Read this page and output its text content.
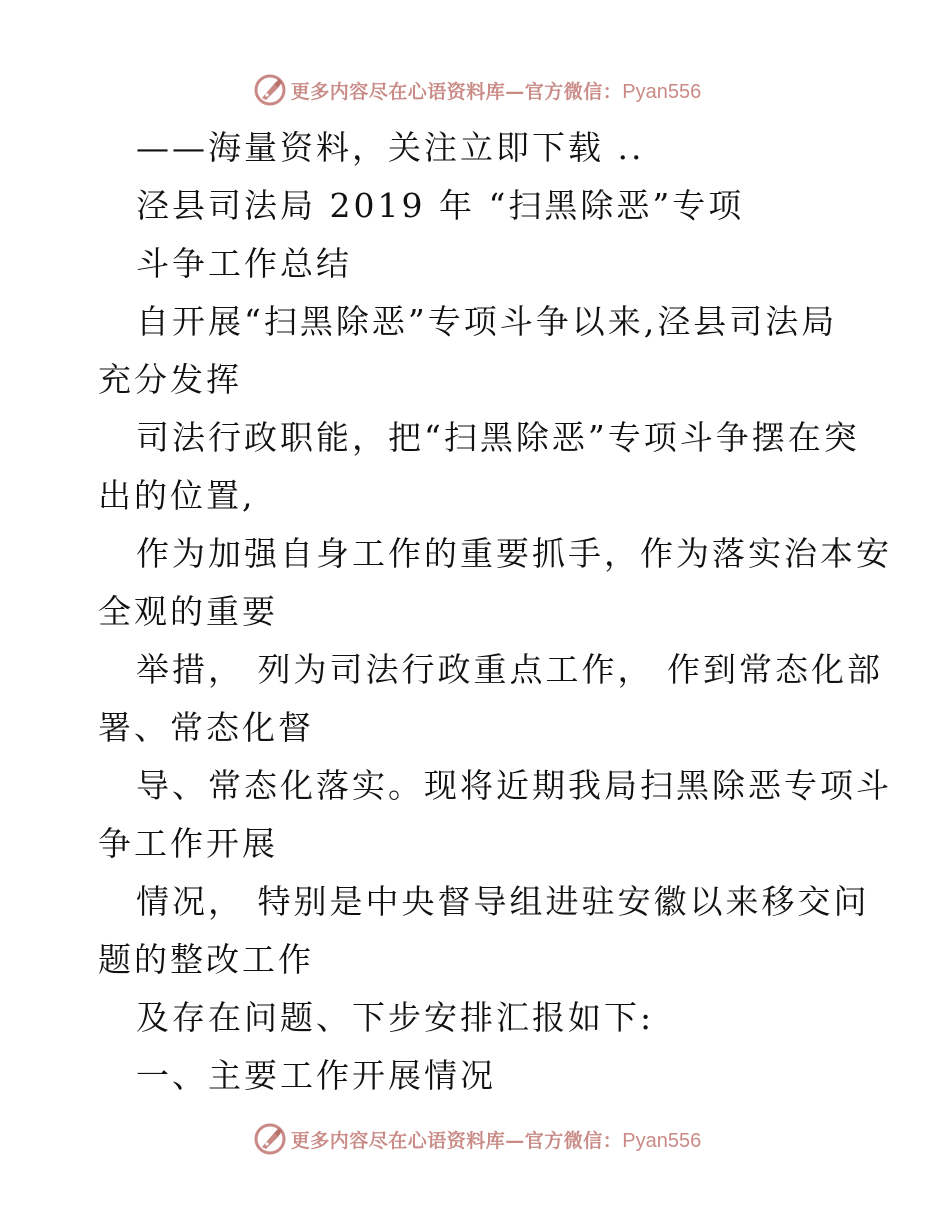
更多内容尽在心语资料库—官方微信：Pyan556
——海量资料，关注立即下载 ..
泾县司法局 2019 年 “扫黑除恶”专项
斗争工作总结
自开展“扫黑除恶”专项斗争以来,泾县司法局
充分发挥
司法行政职能，把“扫黑除恶”专项斗争摆在突
出的位置,
作为加强自身工作的重要抓手，作为落实治本安
全观的重要
举措， 列为司法行政重点工作， 作到常态化部
署、常态化督
导、常态化落实。现将近期我局扫黑除恶专项斗
争工作开展
情况， 特别是中央督导组进驻安徽以来移交问
题的整改工作
及存在问题、下步安排汇报如下:
一、主要工作开展情况
更多内容尽在心语资料库—官方微信：Pyan556
